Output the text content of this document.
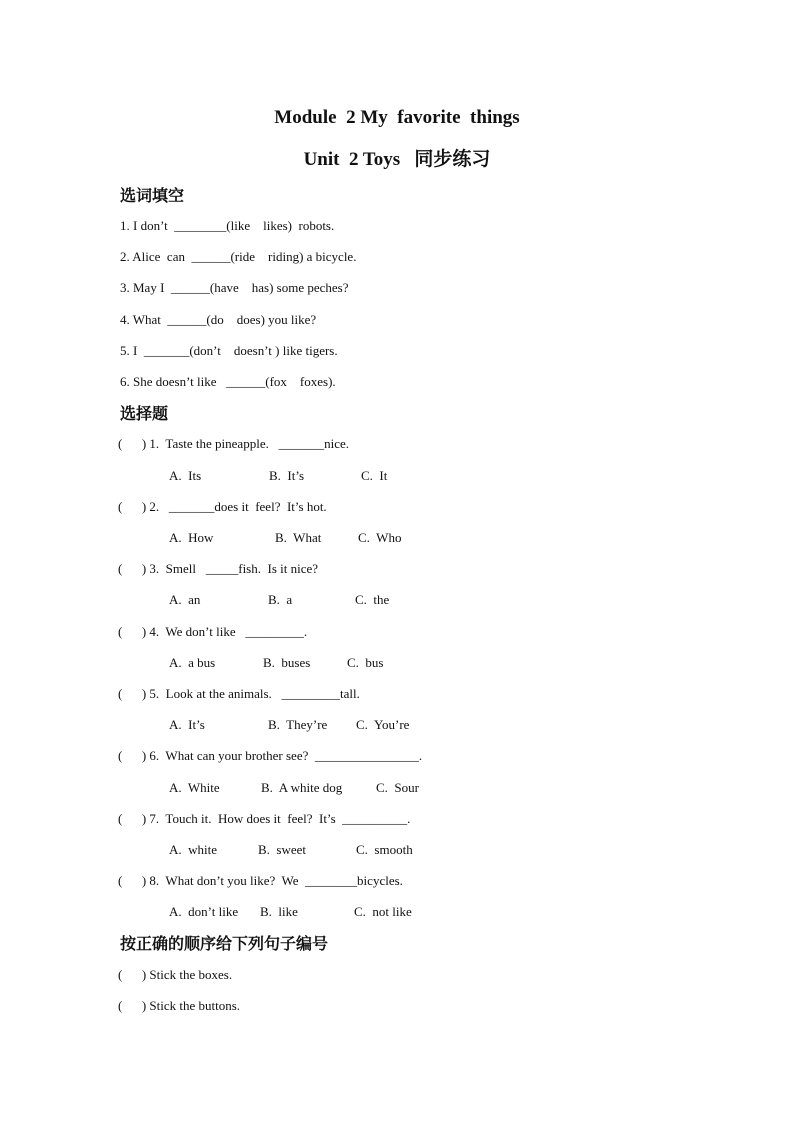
Module  2 My  favorite  things
Unit  2 Toys   同步练习
选词填空
1. I don’t  ________(like    likes)  robots.
2. Alice  can  ______(ride    riding) a bicycle.
3. May I  ______(have    has) some peches?
4. What  ______(do    does) you like?
5. I  _______(don’t    doesn’t ) like tigers.
6. She doesn’t like   ______(fox    foxes).
选择题
(      ) 1.  Taste the pineapple.   _______nice.
A.  Its	B.  It’s	C.  It
(      ) 2.   _______does it  feel?  It’s hot.
A.  How	B.  What	C.  Who
(      ) 3.  Smell   _____fish.  Is it nice?
A.  an	B.  a	C.  the
(      ) 4.  We don’t like   _________.
A.  a bus	B.  buses	C.  bus
(      ) 5.  Look at the animals.   _________tall.
A.  It’s	B.  They’re C.  You’re
(      ) 6.  What can your brother see?  ________________.
A.  White	B.  A white dog	C.  Sour
(      ) 7.  Touch it.  How does it  feel?  It’s  __________.
A.  white	B.  sweet	C.  smooth
(      ) 8.  What don’t you like?  We  ________bicycles.
A.  don’t like B.  like	C.  not like
按正确的顺序给下列句子编号
(      ) Stick the boxes.
(      ) Stick the buttons.
